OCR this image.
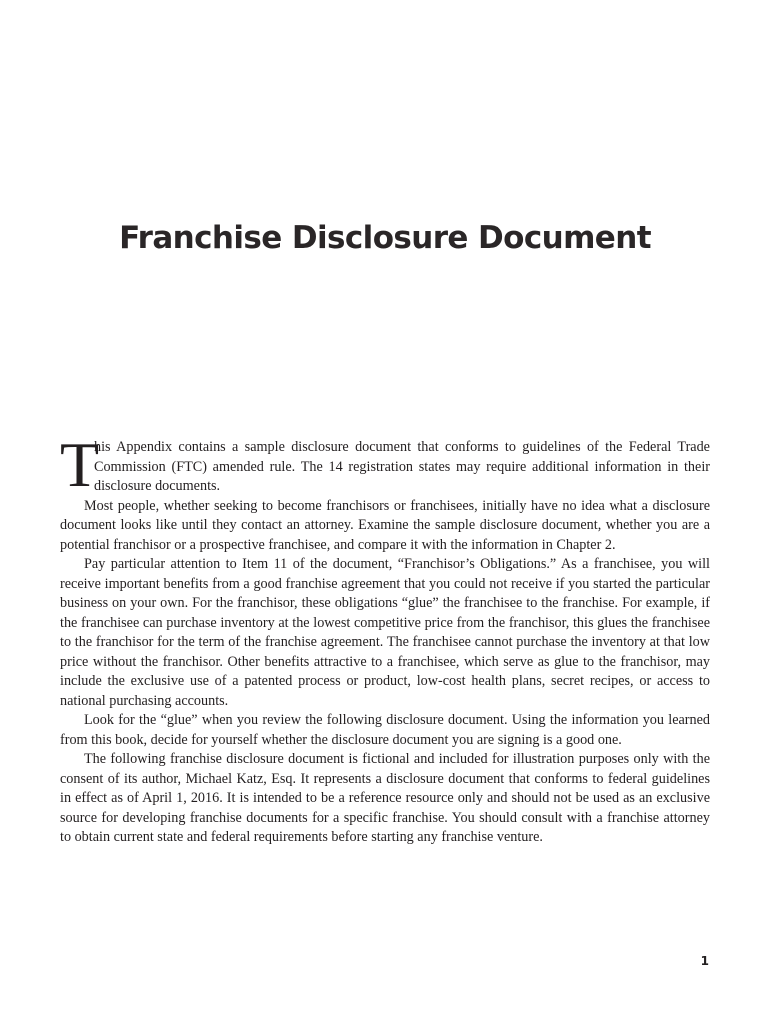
Franchise Disclosure Document

T
his Appendix contains a sample disclosure document that conforms to guidelines of the Federal Trade Commission (FTC) amended rule. The 14 registration states may require additional information in their disclosure documents.

Most people, whether seeking to become franchisors or franchisees, initially have no idea what a disclosure document looks like until they contact an attorney. Examine the sample disclosure document, whether you are a potential franchisor or a prospective franchisee, and compare it with the information in Chapter 2.

Pay particular attention to Item 11 of the document, “Franchisor’s Obligations.” As a franchisee, you will receive important benefits from a good franchise agreement that you could not receive if you started the particular business on your own. For the franchisor, these obligations “glue” the franchisee to the franchise. For example, if the franchisee can purchase inventory at the lowest competitive price from the franchisor, this glues the franchisee to the franchisor for the term of the franchise agreement. The franchisee cannot purchase the inventory at that low price without the franchisor. Other benefits attractive to a franchisee, which serve as glue to the franchisor, may include the exclusive use of a patented process or product, low-cost health plans, secret recipes, or access to national purchasing accounts.

Look for the “glue” when you review the following disclosure document. Using the information you learned from this book, decide for yourself whether the disclosure document you are signing is a good one.

The following franchise disclosure document is fictional and included for illustration purposes only with the consent of its author, Michael Katz, Esq. It represents a disclosure document that conforms to federal guidelines in effect as of April 1, 2016. It is intended to be a reference resource only and should not be used as an exclusive source for developing franchise documents for a specific franchise. You should consult with a franchise attorney to obtain current state and federal requirements before starting any franchise venture.

1
